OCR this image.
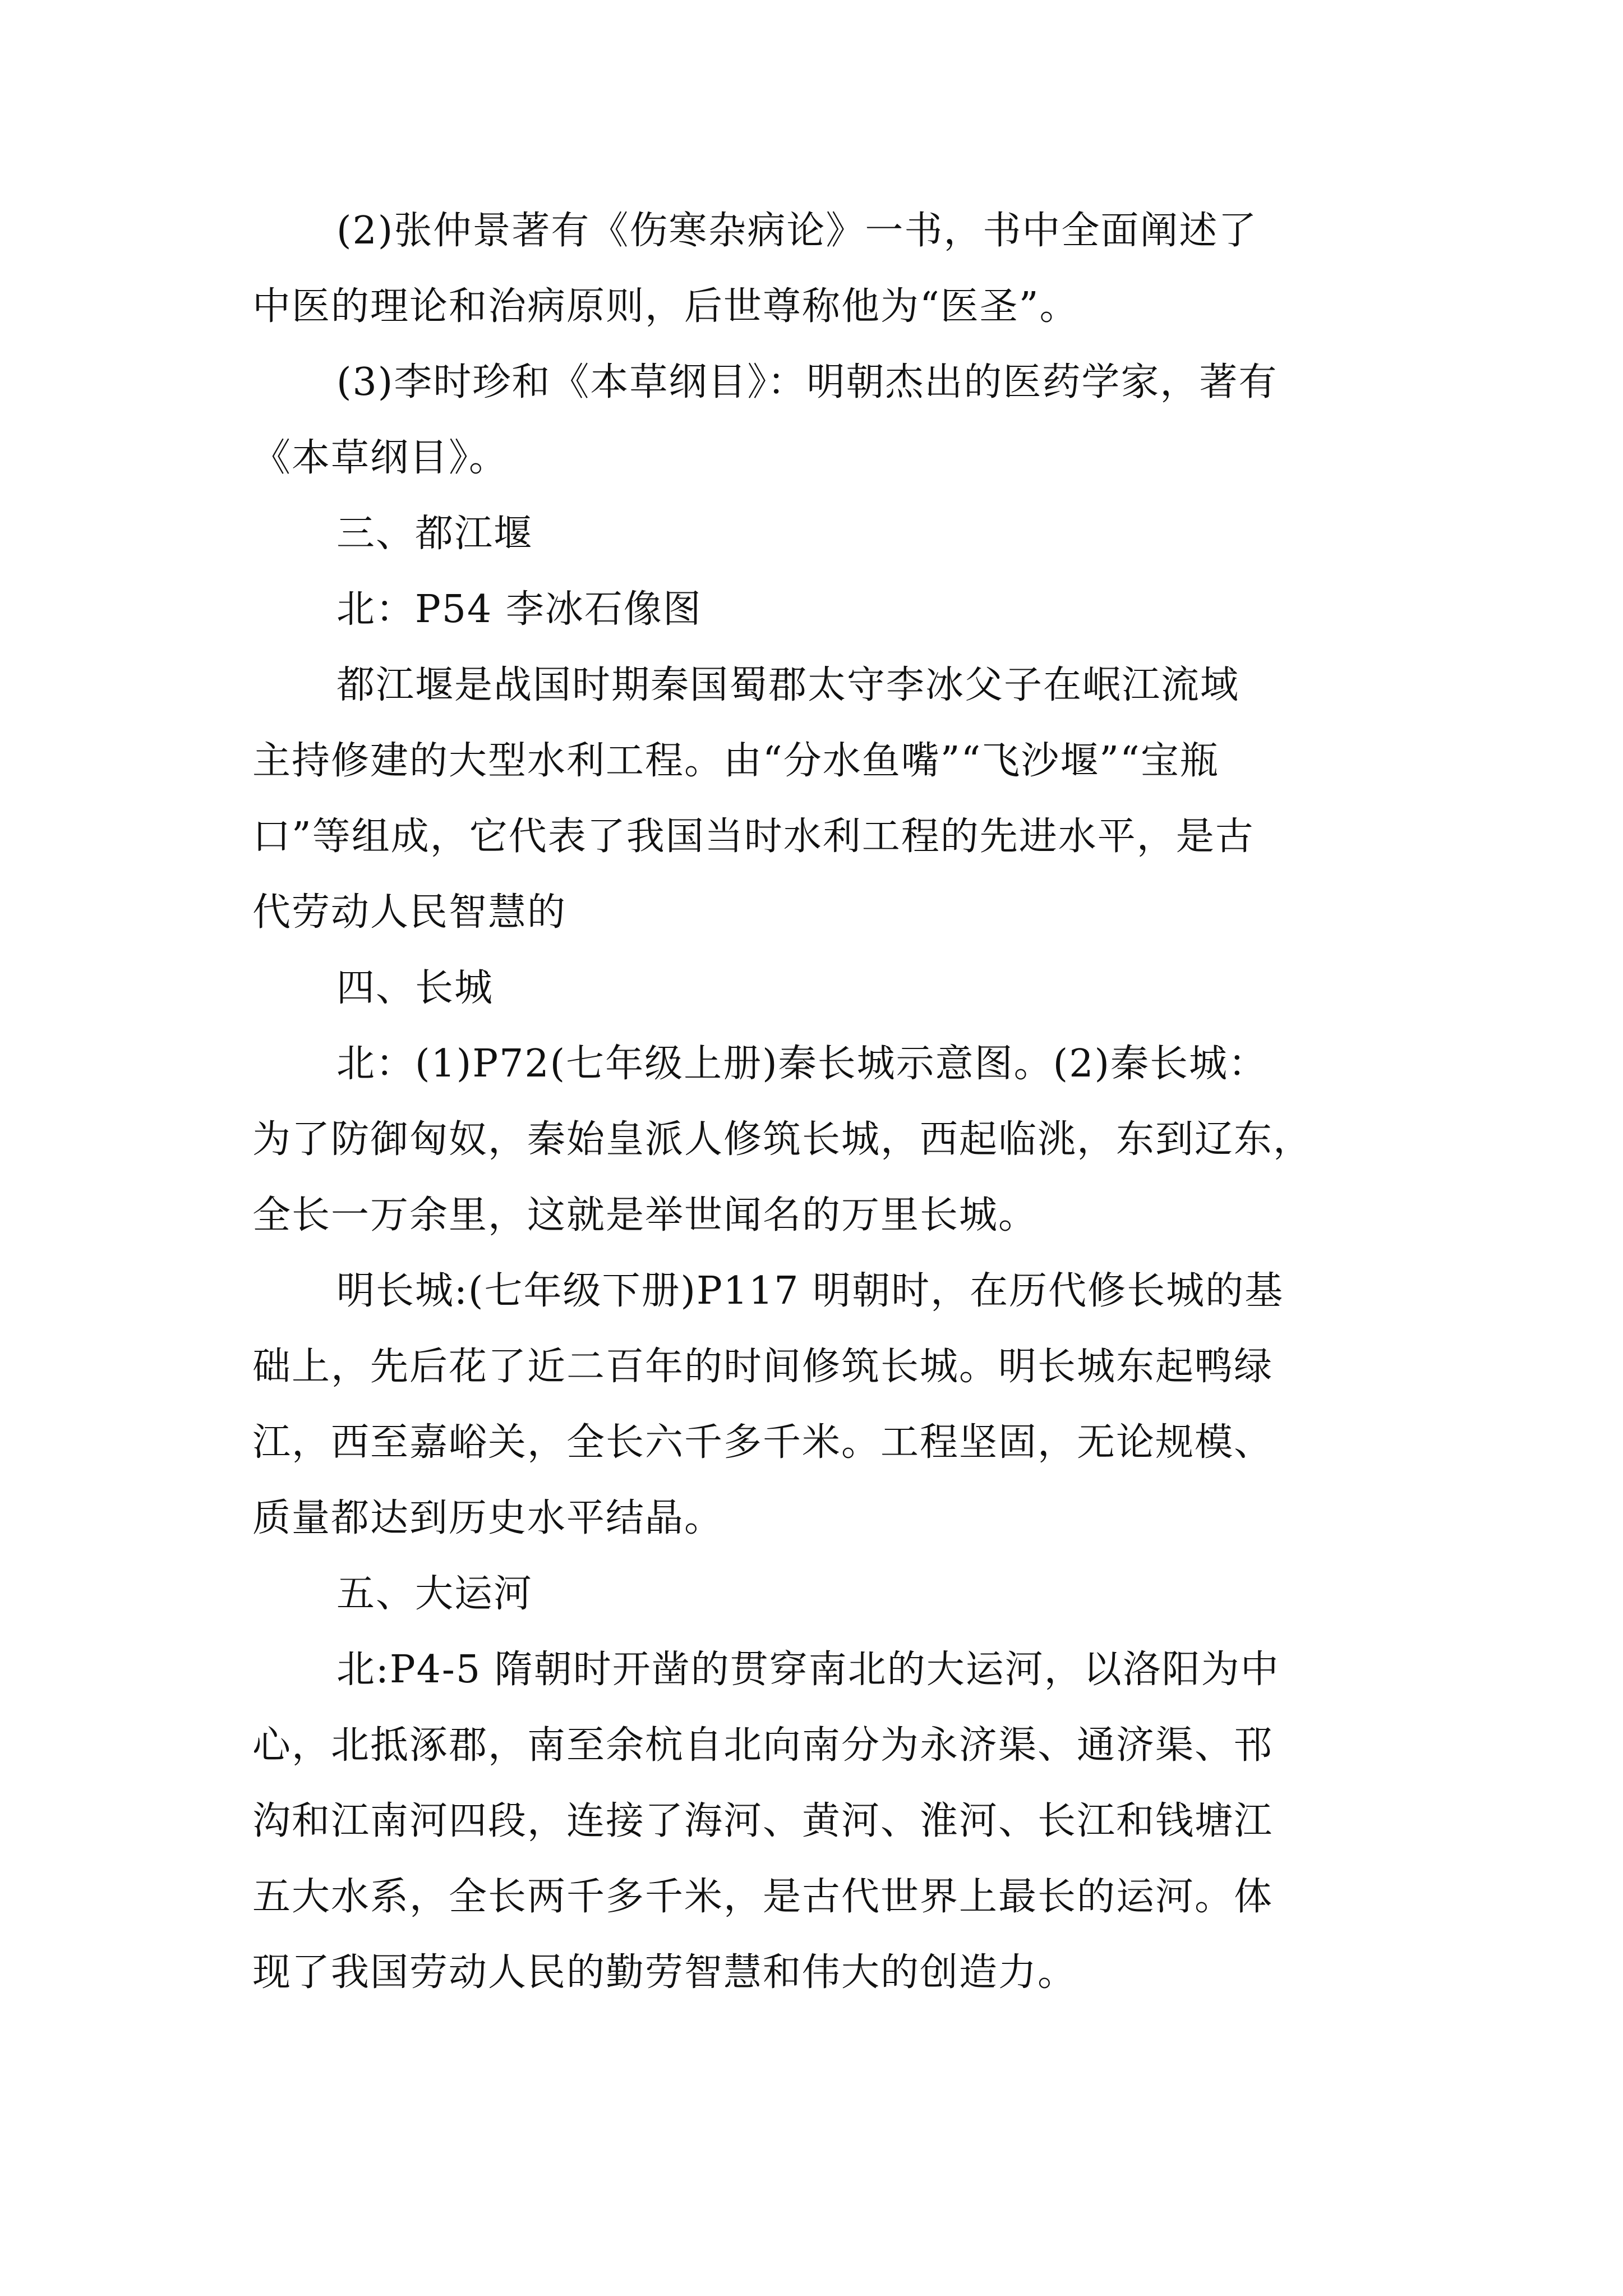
(2)张仲景著有《伤寒杂病论》一书，书中全面阐述了
中医的理论和治病原则，后世尊称他为“医圣”。
(3)李时珍和《本草纲目》：明朝杰出的医药学家，著有
《本草纲目》。
三、都江堰
北：P54 李冰石像图
都江堰是战国时期秦国蜀郡太守李冰父子在岷江流域
主持修建的大型水利工程。由“分水鱼嘴”“飞沙堰”“宝瓶
口”等组成，它代表了我国当时水利工程的先进水平，是古
代劳动人民智慧的
四、长城
北：(1)P72(七年级上册)秦长城示意图。(2)秦长城：
为了防御匈奴，秦始皇派人修筑长城，西起临洮，东到辽东，
全长一万余里，这就是举世闻名的万里长城。
明长城:(七年级下册)P117 明朝时，在历代修长城的基
础上，先后花了近二百年的时间修筑长城。明长城东起鸭绿
江，西至嘉峪关，全长六千多千米。工程坚固，无论规模、
质量都达到历史水平结晶。
五、大运河
北:P4-5 隋朝时开凿的贯穿南北的大运河，以洛阳为中
心，北抵涿郡，南至余杭自北向南分为永济渠、通济渠、邗
沟和江南河四段，连接了海河、黄河、淮河、长江和钱塘江
五大水系，全长两千多千米，是古代世界上最长的运河。体
现了我国劳动人民的勤劳智慧和伟大的创造力。
